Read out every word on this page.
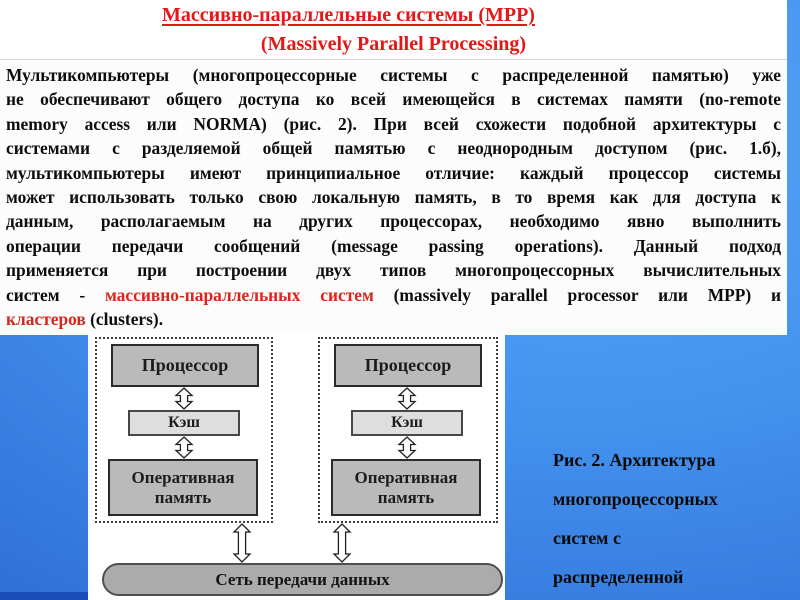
Массивно-параллельные системы (МРР)
(Massively Parallel Processing)
Мультикомпьютеры (многопроцессорные системы с распределенной памятью) уже
не обеспечивают общего доступа ко всей имеющейся в системах памяти (no-remote
memory access или NORMA) (рис. 2). При всей схожести подобной архитектуры с
системами с разделяемой общей памятью с неоднородным доступом (рис. 1.б),
мультикомпьютеры имеют принципиальное отличие: каждый процессор системы
может использовать только свою локальную память, в то время как для доступа к
данным, располагаемым на других процессорах, необходимо явно выполнить
операции передачи сообщений (message passing operations). Данный подход
применяется при построении двух типов многопроцессорных вычислительных
систем - массивно-параллельных систем (massively parallel processor или MPP) и
кластеров (clusters).
Процессор
Кэш
Оперативная память
Процессор
Кэш
Оперативная память
Сеть передачи данных
Рис. 2. Архитектура
многопроцессорных
систем с
распределенной
